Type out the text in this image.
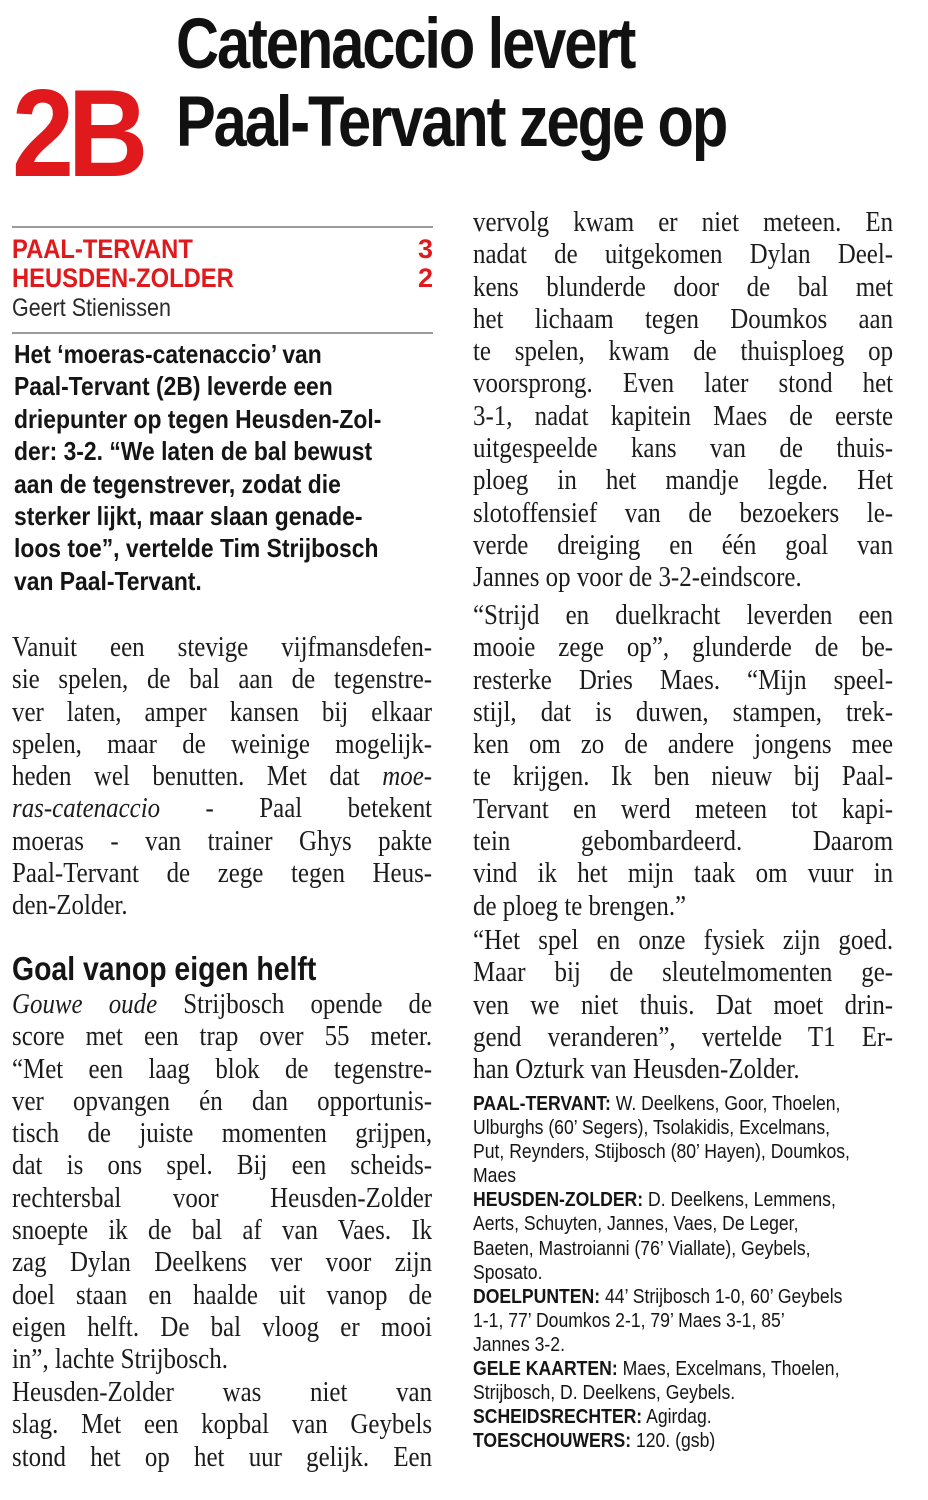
2B
Catenaccio levert
Paal-Tervant zege op
PAAL-TERVANT	3
HEUSDEN-ZOLDER	2
Geert Stienissen
Het ‘moeras-catenaccio’ van
Paal-Tervant (2B) leverde een
driepunter op tegen Heusden-Zol-
der: 3-2. “We laten de bal bewust
aan de tegenstrever, zodat die
sterker lijkt, maar slaan genade-
loos toe”, vertelde Tim Strijbosch
van Paal-Tervant.
Vanuit een stevige vijfmansdefen-
sie spelen, de bal aan de tegenstre-
ver laten, amper kansen bij elkaar
spelen, maar de weinige mogelijk-
heden wel benutten. Met dat moe-
ras-catenaccio - Paal betekent
moeras - van trainer Ghys pakte
Paal-Tervant de zege tegen Heus-
den-Zolder.
Goal vanop eigen helft
Gouwe oude Strijbosch opende de
score met een trap over 55 meter.
“Met een laag blok de tegenstre-
ver opvangen én dan opportunis-
tisch de juiste momenten grijpen,
dat is ons spel. Bij een scheids-
rechtersbal voor Heusden-Zolder
snoepte ik de bal af van Vaes. Ik
zag Dylan Deelkens ver voor zijn
doel staan en haalde uit vanop de
eigen helft. De bal vloog er mooi
in”, lachte Strijbosch.
Heusden-Zolder was niet van
slag. Met een kopbal van Geybels
stond het op het uur gelijk. Een
vervolg kwam er niet meteen. En
nadat de uitgekomen Dylan Deel-
kens blunderde door de bal met
het lichaam tegen Doumkos aan
te spelen, kwam de thuisploeg op
voorsprong. Even later stond het
3-1, nadat kapitein Maes de eerste
uitgespeelde kans van de thuis-
ploeg in het mandje legde. Het
slotoffensief van de bezoekers le-
verde dreiging en één goal van
Jannes op voor de 3-2-eindscore.
“Strijd en duelkracht leverden een
mooie zege op”, glunderde de be-
resterke Dries Maes. “Mijn speel-
stijl, dat is duwen, stampen, trek-
ken om zo de andere jongens mee
te krijgen. Ik ben nieuw bij Paal-
Tervant en werd meteen tot kapi-
tein gebombardeerd. Daarom
vind ik het mijn taak om vuur in
de ploeg te brengen.”
“Het spel en onze fysiek zijn goed.
Maar bij de sleutelmomenten ge-
ven we niet thuis. Dat moet drin-
gend veranderen”, vertelde T1 Er-
han Ozturk van Heusden-Zolder.
PAAL-TERVANT: W. Deelkens, Goor, Thoelen,
Ulburghs (60’ Segers), Tsolakidis, Excelmans,
Put, Reynders, Stijbosch (80’ Hayen), Doumkos,
Maes
HEUSDEN-ZOLDER: D. Deelkens, Lemmens,
Aerts, Schuyten, Jannes, Vaes, De Leger,
Baeten, Mastroianni (76’ Viallate), Geybels,
Sposato.
DOELPUNTEN: 44’ Strijbosch 1-0, 60’ Geybels
1-1, 77’ Doumkos 2-1, 79’ Maes 3-1, 85’
Jannes 3-2.
GELE KAARTEN: Maes, Excelmans, Thoelen,
Strijbosch, D. Deelkens, Geybels.
SCHEIDSRECHTER: Agirdag.
TOESCHOUWERS: 120. (gsb)
